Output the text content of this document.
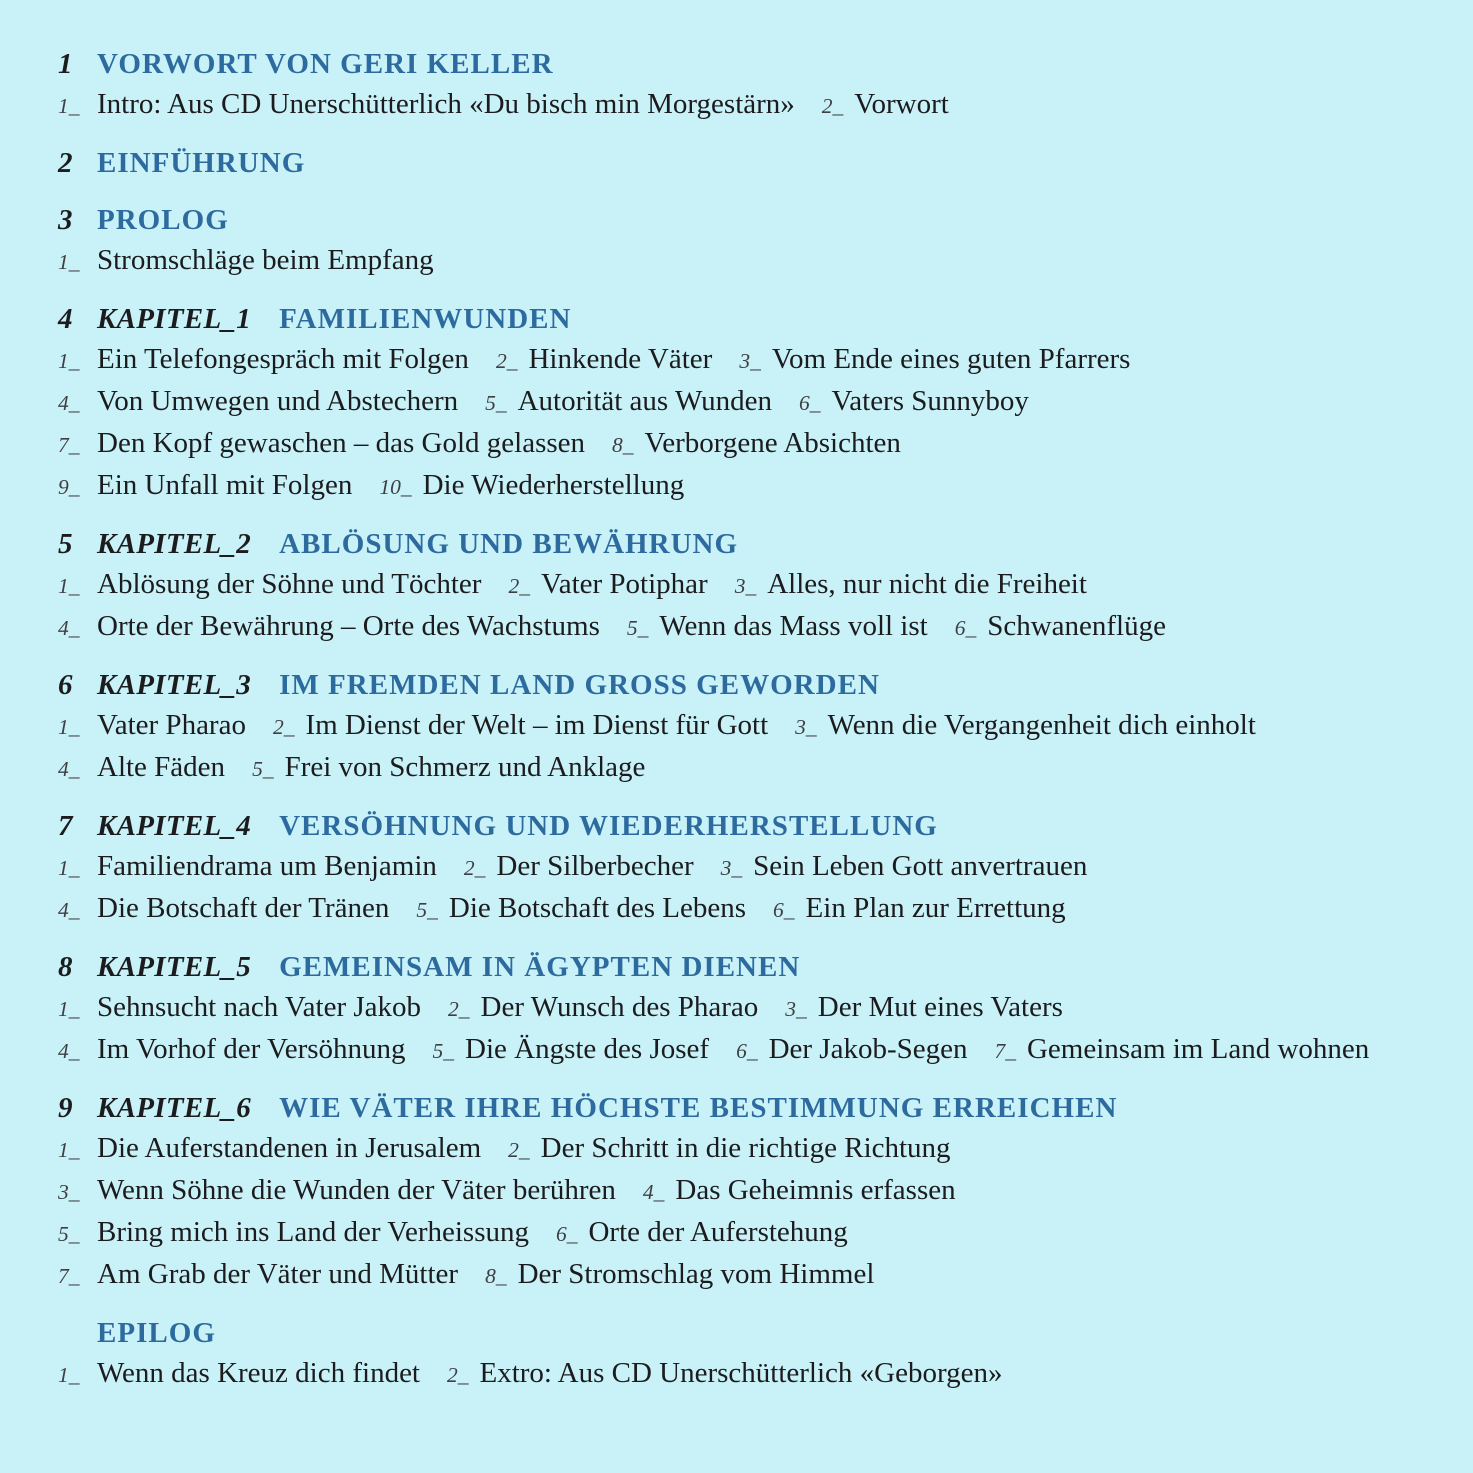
1 VORWORT VON GERI KELLER
1_ Intro: Aus CD Unerschütterlich «Du bisch min Morgestärn» 2_ Vorwort
2 EINFÜHRUNG
3 PROLOG
1_ Stromschläge beim Empfang
4 KAPITEL_1 FAMILIENWUNDEN
1_ Ein Telefongespräch mit Folgen 2_ Hinkende Väter 3_ Vom Ende eines guten Pfarrers
4_ Von Umwegen und Abstechern 5_ Autorität aus Wunden 6_ Vaters Sunnyboy
7_ Den Kopf gewaschen – das Gold gelassen 8_ Verborgene Absichten
9_ Ein Unfall mit Folgen 10_ Die Wiederherstellung
5 KAPITEL_2 ABLÖSUNG UND BEWÄHRUNG
1_ Ablösung der Söhne und Töchter 2_ Vater Potiphar 3_ Alles, nur nicht die Freiheit
4_ Orte der Bewährung – Orte des Wachstums 5_ Wenn das Mass voll ist 6_ Schwanenflüge
6 KAPITEL_3 IM FREMDEN LAND GROSS GEWORDEN
1_ Vater Pharao 2_ Im Dienst der Welt – im Dienst für Gott 3_ Wenn die Vergangenheit dich einholt
4_ Alte Fäden 5_ Frei von Schmerz und Anklage
7 KAPITEL_4 VERSÖHNUNG UND WIEDERHERSTELLUNG
1_ Familiendrama um Benjamin 2_ Der Silberbecher 3_ Sein Leben Gott anvertrauen
4_ Die Botschaft der Tränen 5_ Die Botschaft des Lebens 6_ Ein Plan zur Errettung
8 KAPITEL_5 GEMEINSAM IN ÄGYPTEN DIENEN
1_ Sehnsucht nach Vater Jakob 2_ Der Wunsch des Pharao 3_ Der Mut eines Vaters
4_ Im Vorhof der Versöhnung 5_ Die Ängste des Josef 6_ Der Jakob-Segen 7_ Gemeinsam im Land wohnen
9 KAPITEL_6 WIE VÄTER IHRE HÖCHSTE BESTIMMUNG ERREICHEN
1_ Die Auferstandenen in Jerusalem 2_ Der Schritt in die richtige Richtung
3_ Wenn Söhne die Wunden der Väter berühren 4_ Das Geheimnis erfassen
5_ Bring mich ins Land der Verheissung 6_ Orte der Auferstehung
7_ Am Grab der Väter und Mütter 8_ Der Stromschlag vom Himmel
EPILOG
1_ Wenn das Kreuz dich findet 2_ Extro: Aus CD Unerschütterlich «Geborgen»
